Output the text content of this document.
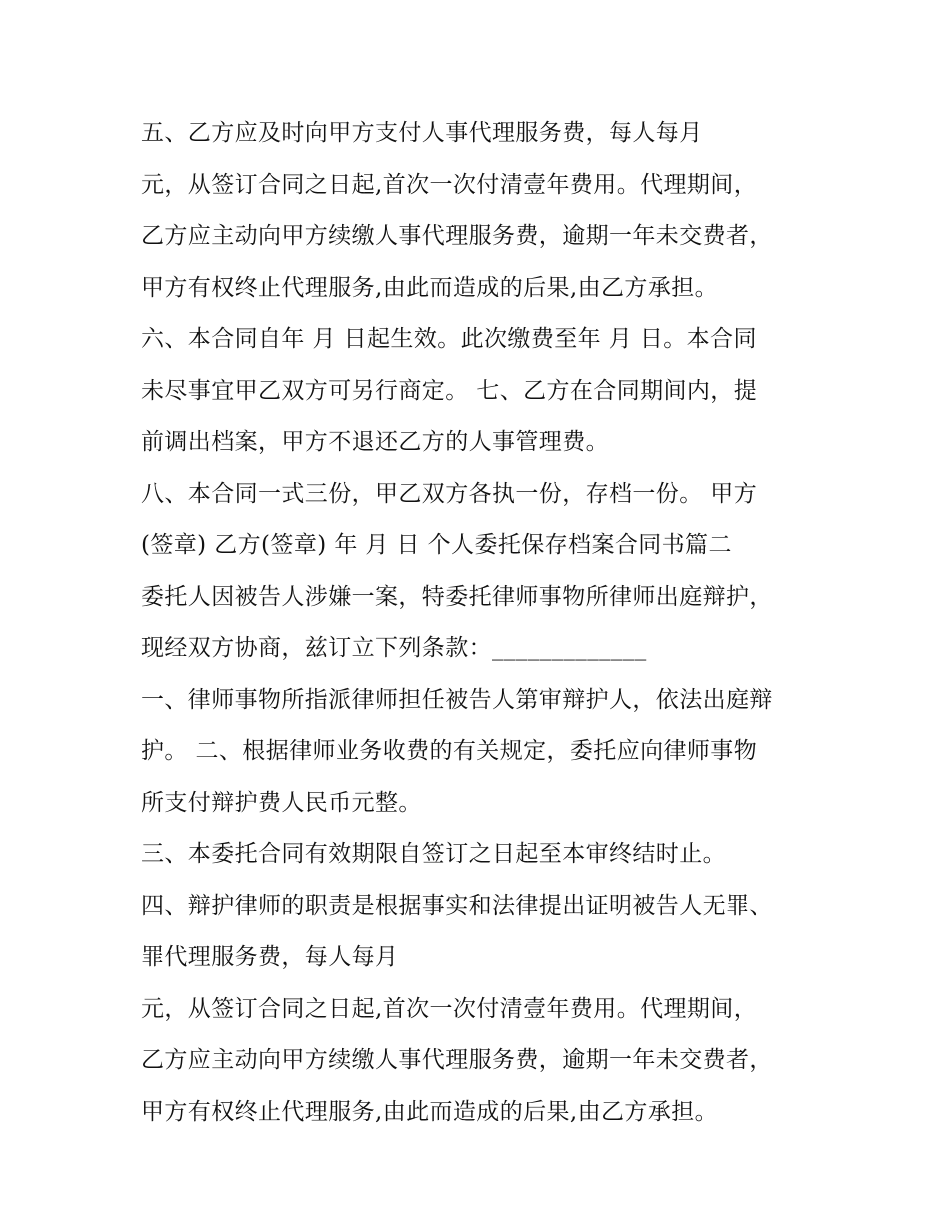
五、乙方应及时向甲方支付人事代理服务费，每人每月
元，从签订合同之日起,首次一次付清壹年费用。代理期间，
乙方应主动向甲方续缴人事代理服务费，逾期一年未交费者，
甲方有权终止代理服务,由此而造成的后果,由乙方承担。
六、本合同自年 月 日起生效。此次缴费至年 月 日。本合同
未尽事宜甲乙双方可另行商定。 七、乙方在合同期间内，提
前调出档案，甲方不退还乙方的人事管理费。
八、本合同一式三份，甲乙双方各执一份，存档一份。 甲方
(签章) 乙方(签章) 年 月 日 个人委托保存档案合同书篇二
委托人因被告人涉嫌一案，特委托律师事物所律师出庭辩护，
现经双方协商，兹订立下列条款：_____________
一、律师事物所指派律师担任被告人第审辩护人，依法出庭辩
护。 二、根据律师业务收费的有关规定，委托应向律师事物
所支付辩护费人民币元整。
三、本委托合同有效期限自签订之日起至本审终结时止。
四、辩护律师的职责是根据事实和法律提出证明被告人无罪、
罪代理服务费，每人每月
元，从签订合同之日起,首次一次付清壹年费用。代理期间，
乙方应主动向甲方续缴人事代理服务费，逾期一年未交费者，
甲方有权终止代理服务,由此而造成的后果,由乙方承担。
